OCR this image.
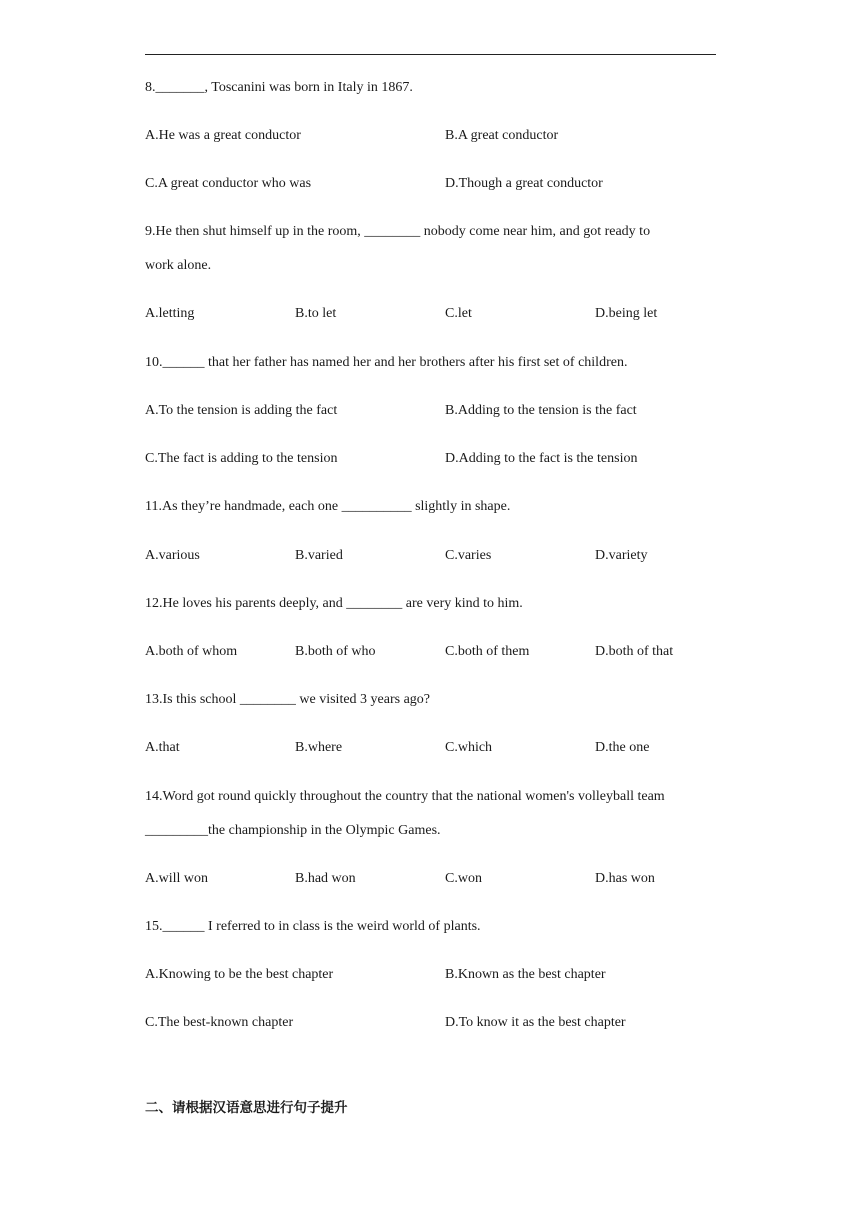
8._______, Toscanini was born in Italy in 1867.
A.He was a great conductor	B.A great conductor
C.A great conductor who was	D.Though a great conductor
9.He then shut himself up in the room, ________ nobody come near him, and got ready to
work alone.
A.letting	B.to let	C.let	D.being let
10.______ that her father has named her and her brothers after his first set of children.
A.To the tension is adding the fact	B.Adding to the tension is the fact
C.The fact is adding to the tension	D.Adding to the fact is the tension
11.As they’re handmade, each one __________ slightly in shape.
A.various	B.varied	C.varies	D.variety
12.He loves his parents deeply, and ________ are very kind to him.
A.both of whom	B.both of who	C.both of them	D.both of that
13.Is this school ________ we visited 3 years ago?
A.that	B.where	C.which	D.the one
14.Word got round quickly throughout the country that the national women's volleyball team
_________the championship in the Olympic Games.
A.will won	B.had won	C.won	D.has won
15.______ I referred to in class is the weird world of plants.
A.Knowing to be the best chapter	B.Known as the best chapter
C.The best-known chapter	D.To know it as the best chapter
二、请根据汉语意思进行句子提升
